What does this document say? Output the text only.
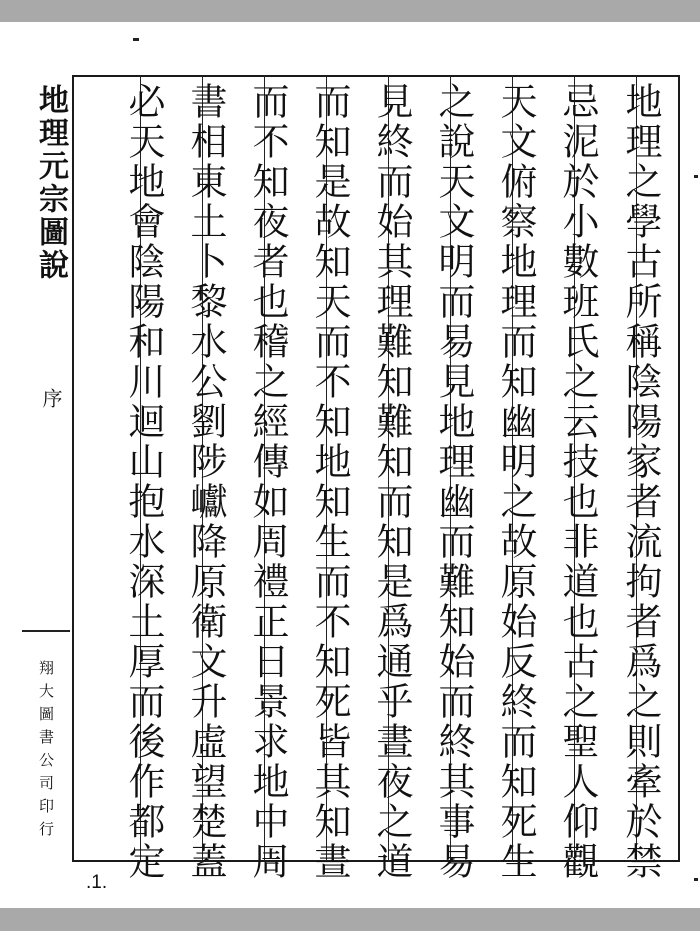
地理元宗圖說
序
翔大圖書公司印行	地理之學古所稱陰陽家者流拘者爲之則牽於禁
忌泥於小數班氏之云技也非道也古之聖人仰觀
天文俯察地理而知幽明之故原始反終而知死生
之說天文明而易見地理幽而難知始而終其事易
見終而始其理難知難知而知是爲通乎晝夜之道
而知是故知天而不知地知生而不知死皆其知晝
而不知夜者也稽之經傳如周禮正日景求地中周
書相東土卜黎水公劉陟巘降原衛文升虛望楚蓋
必天地會陰陽和川迴山抱水深土厚而後作都定
.1.
